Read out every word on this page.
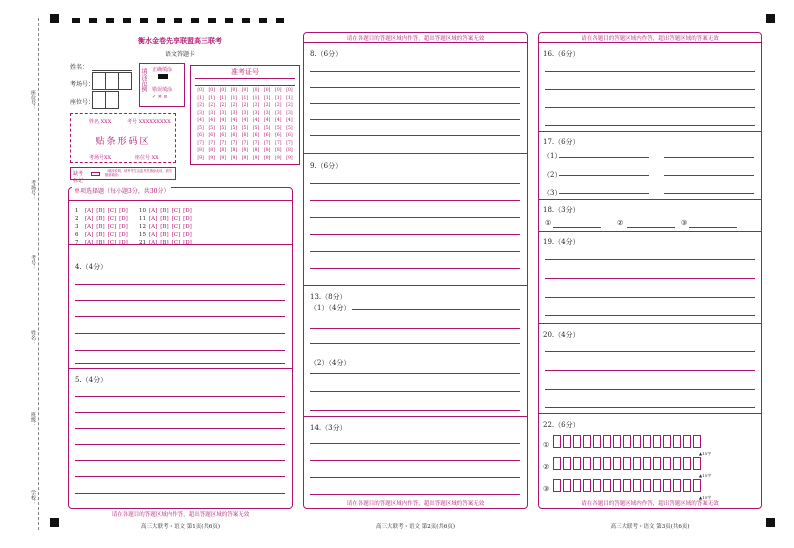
座位号：
考场号：
考号：
姓名：
班级：
学校：
衡水金卷先享联盟高三联考
语文答题卡
姓名：
考场号：
座位号：
填涂范例 正确填涂
错误填涂
✓ ✕ ⊙
准考证号
[0] [0] [0] [0] [0] [0] [0] [0] [0]
[1] [1] [1] [1] [1] [1] [1] [1] [1]
[2] [2] [2] [2] [2] [2] [2] [2] [2]
[3] [3] [3] [3] [3] [3] [3] [3] [3]
[4] [4] [4] [4] [4] [4] [4] [4] [4]
[5] [5] [5] [5] [5] [5] [5] [5] [5]
[6] [6] [6] [6] [6] [6] [6] [6] [6]
[7] [7] [7] [7] [7] [7] [7] [7] [7]
[8] [8] [8] [8] [8] [8] [8] [8] [8]
[9] [9] [9] [9] [9] [9] [9] [9] [9]
姓名 XXX	考号 XXXXXXXXX
贴条形码区
考场号XX	座位号 XX
缺考标记
（填涂说明，缺考考生由监考员填涂此项，请勿随意填涂）
单项选择题（每小题3分，共30分）
1 [A] [B] [C] [D]
2 [A] [B] [C] [D]
3 [A] [B] [C] [D]
6 [A] [B] [C] [D]
7 [A] [B] [C] [D]
10 [A] [B] [C] [D]
11 [A] [B] [C] [D]
12 [A] [B] [C] [D]
15 [A] [B] [C] [D]
21 [A] [B] [C] [D]
4.（4分）
5.（4分）
请在各题目的答题区域内作答，超出答题区域的答案无效
高三大联考・语文 第1页(共6页)
请在各题目的答题区域内作答，超出答题区域的答案无效
8.（6分）
9.（6分）
13.（8分）
（1）（4分）
（2）（4分）
14.（3分）
请在各题目的答题区域内作答，超出答题区域的答案无效
高三大联考・语文 第2页(共6页)
请在各题目的答题区域内作答，超出答题区域的答案无效
16.（6分）
17.（6分）
（1）
（2）
（3）
18.（3分）
①	②	③
19.（4分）
20.（4分）
22.（6分）
①
②
③
▲15字
▲15字
▲15字
请在各题目的答题区域内作答，超出答题区域的答案无效
高三大联考・语文 第3页(共6页)
